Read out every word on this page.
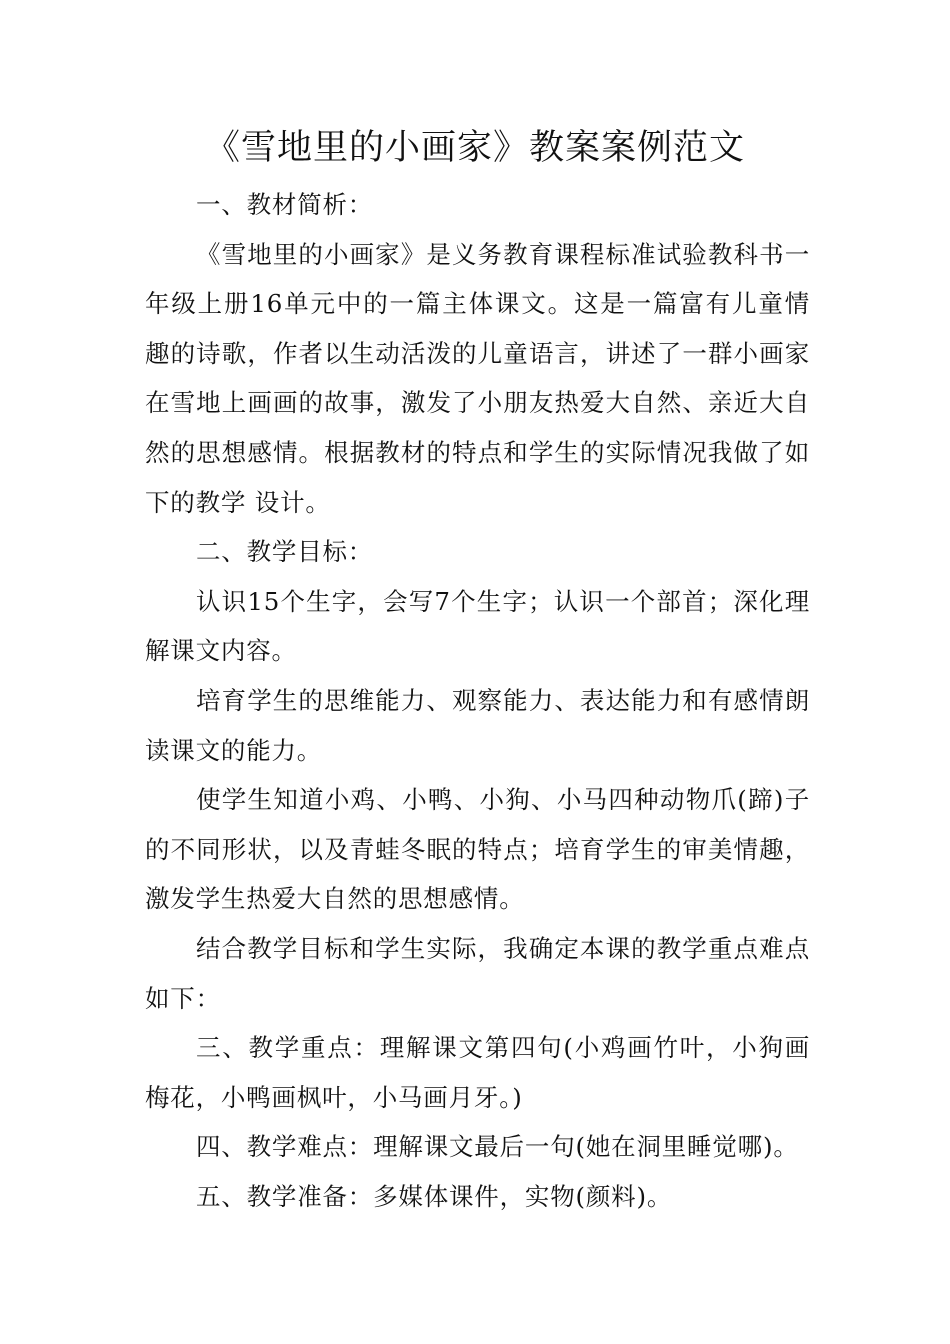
《雪地里的小画家》教案案例范文

一、教材简析：

《雪地里的小画家》是义务教育课程标准试验教科书一年级上册16单元中的一篇主体课文。这是一篇富有儿童情趣的诗歌，作者以生动活泼的儿童语言，讲述了一群小画家在雪地上画画的故事，激发了小朋友热爱大自然、亲近大自然的思想感情。根据教材的特点和学生的实际情况我做了如下的教学 设计。

二、教学目标：

认识15个生字，会写7个生字；认识一个部首；深化理解课文内容。

培育学生的思维能力、观察能力、表达能力和有感情朗读课文的能力。

使学生知道小鸡、小鸭、小狗、小马四种动物爪(蹄)子的不同形状，以及青蛙冬眠的特点；培育学生的审美情趣，激发学生热爱大自然的思想感情。

结合教学目标和学生实际，我确定本课的教学重点难点如下：

三、教学重点：理解课文第四句(小鸡画竹叶，小狗画梅花，小鸭画枫叶，小马画月牙。)

四、教学难点：理解课文最后一句(她在洞里睡觉哪)。

五、教学准备：多媒体课件，实物(颜料)。
